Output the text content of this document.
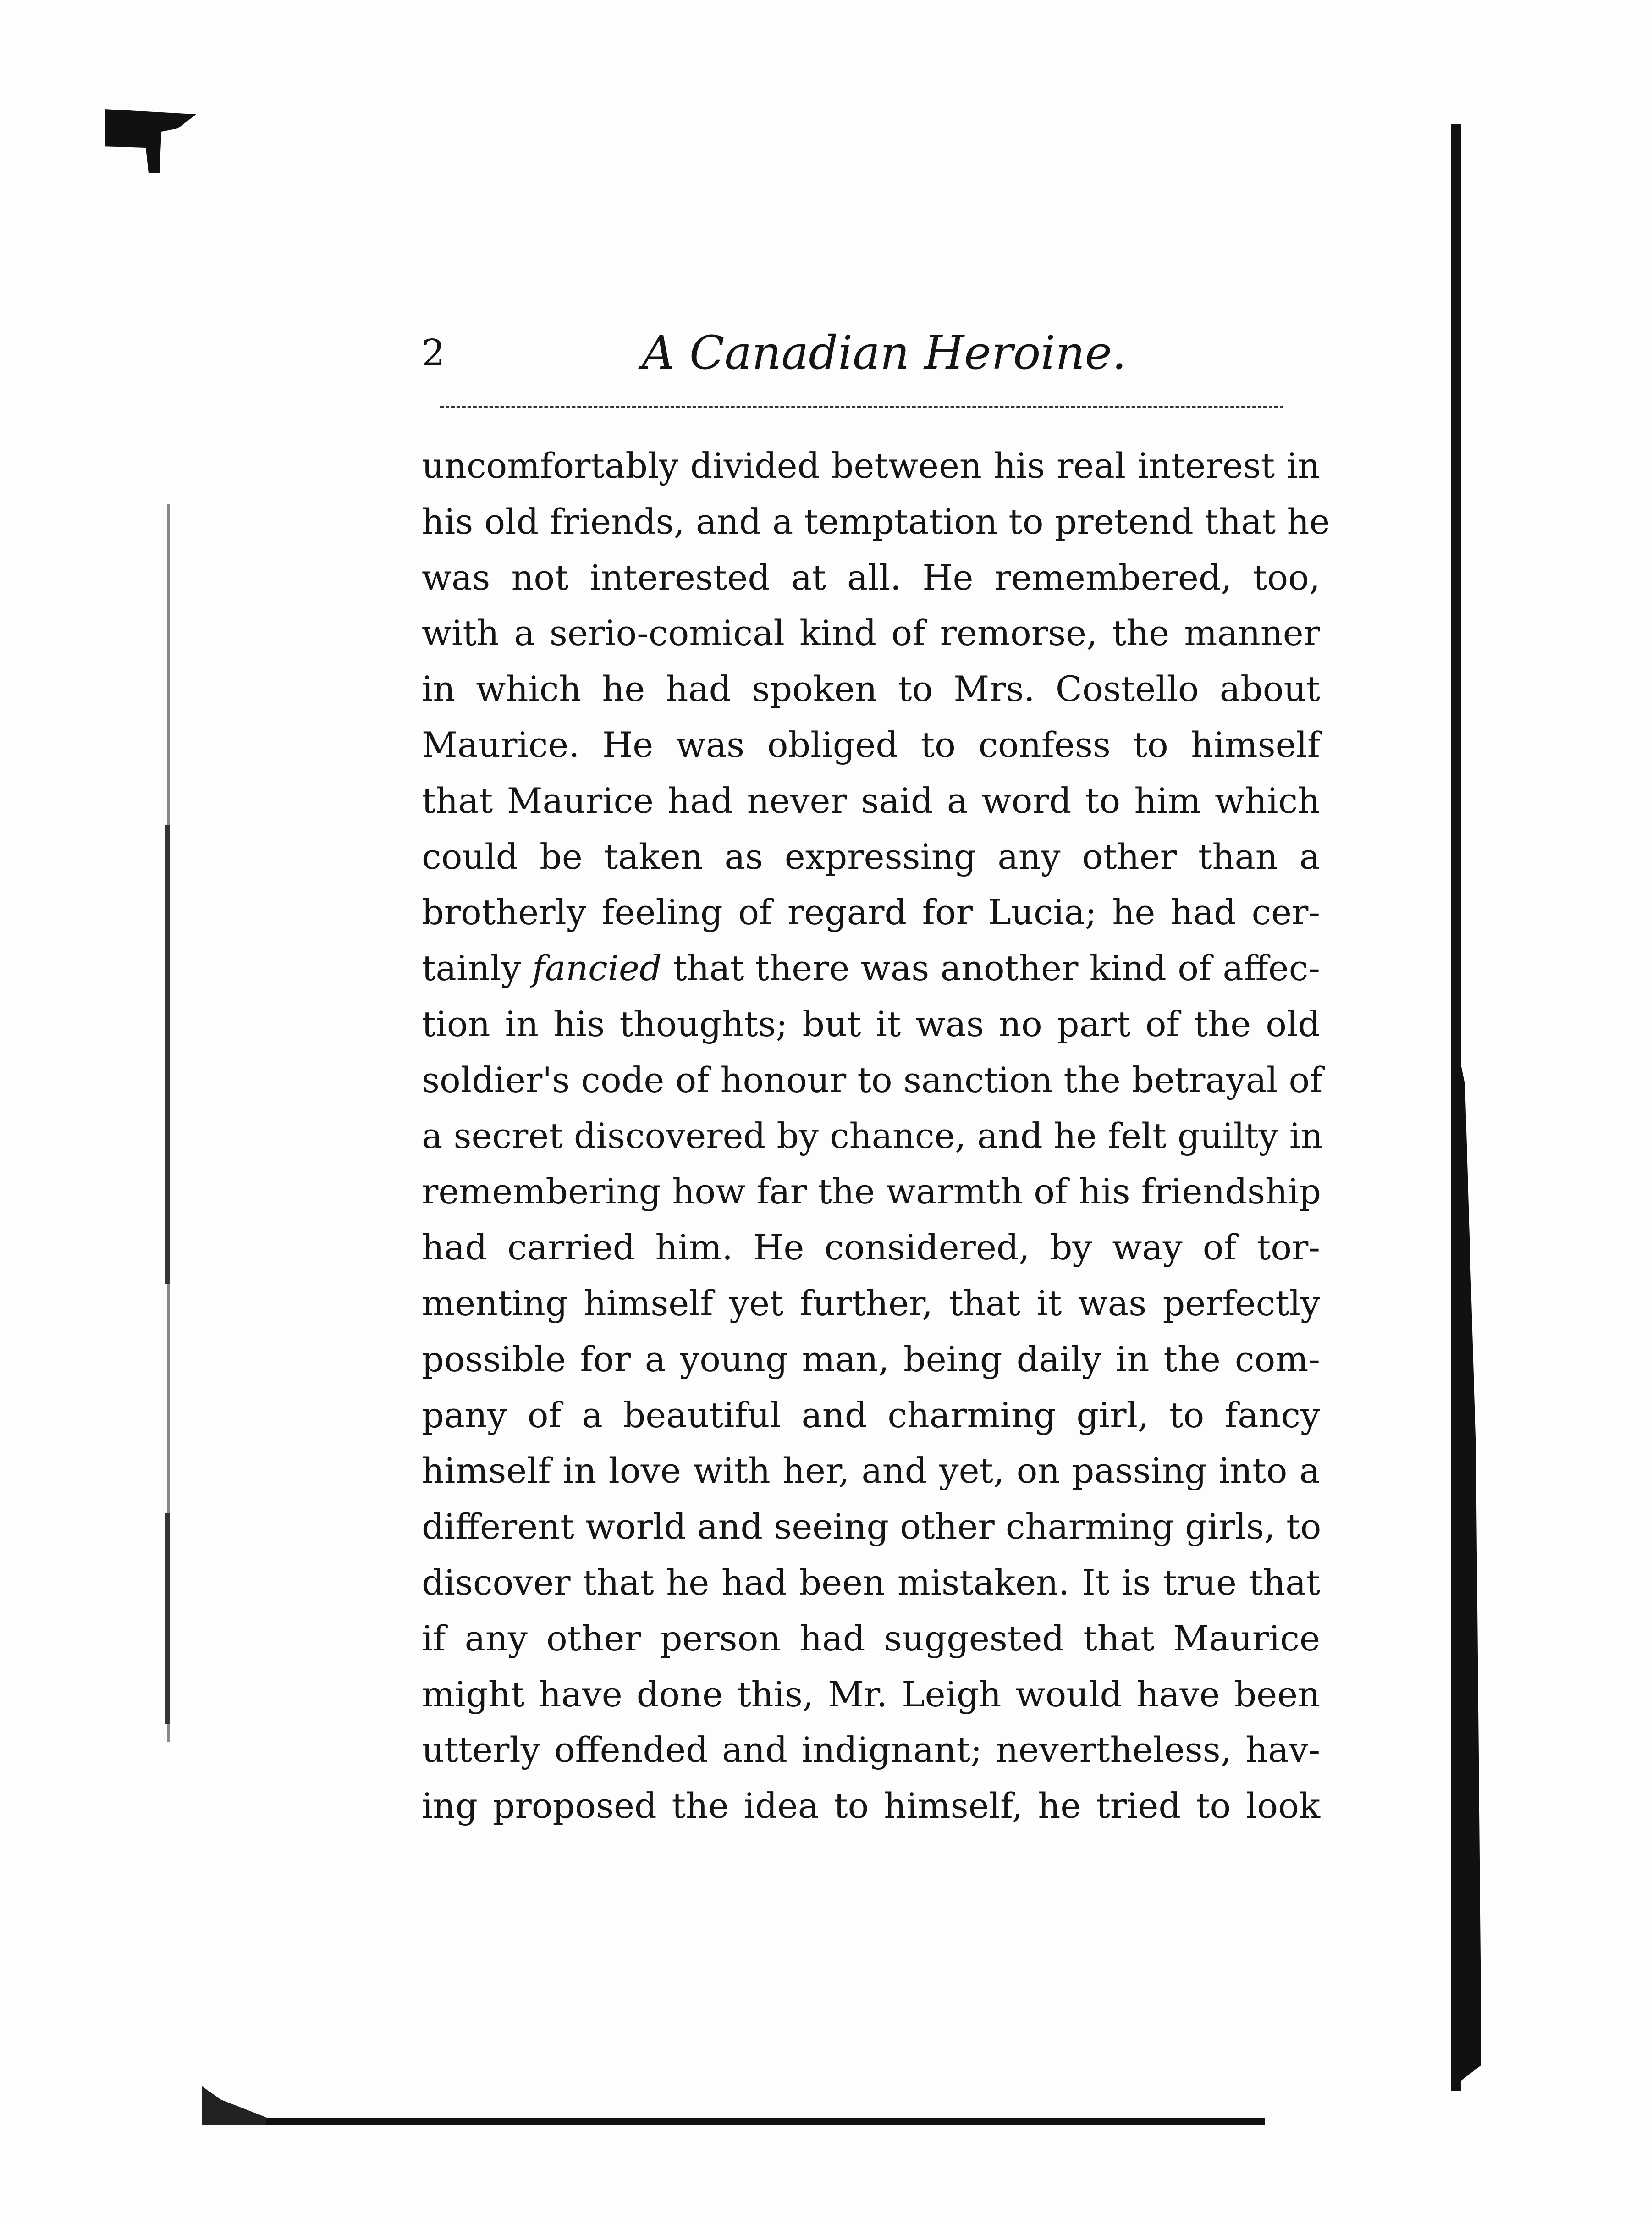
2	A Canadian Heroine.
uncomfortably divided between his real interest in
his old friends, and a temptation to pretend that he
was not interested at all. He remembered, too,
with a serio-comical kind of remorse, the manner
in which he had spoken to Mrs. Costello about
Maurice. He was obliged to confess to himself
that Maurice had never said a word to him which
could be taken as expressing any other than a
brotherly feeling of regard for Lucia; he had cer-
tainly fancied that there was another kind of affec-
tion in his thoughts; but it was no part of the old
soldier's code of honour to sanction the betrayal of
a secret discovered by chance, and he felt guilty in
remembering how far the warmth of his friendship
had carried him. He considered, by way of tor-
menting himself yet further, that it was perfectly
possible for a young man, being daily in the com-
pany of a beautiful and charming girl, to fancy
himself in love with her, and yet, on passing into a
different world and seeing other charming girls, to
discover that he had been mistaken. It is true that
if any other person had suggested that Maurice
might have done this, Mr. Leigh would have been
utterly offended and indignant; nevertheless, hav-
ing proposed the idea to himself, he tried to look
